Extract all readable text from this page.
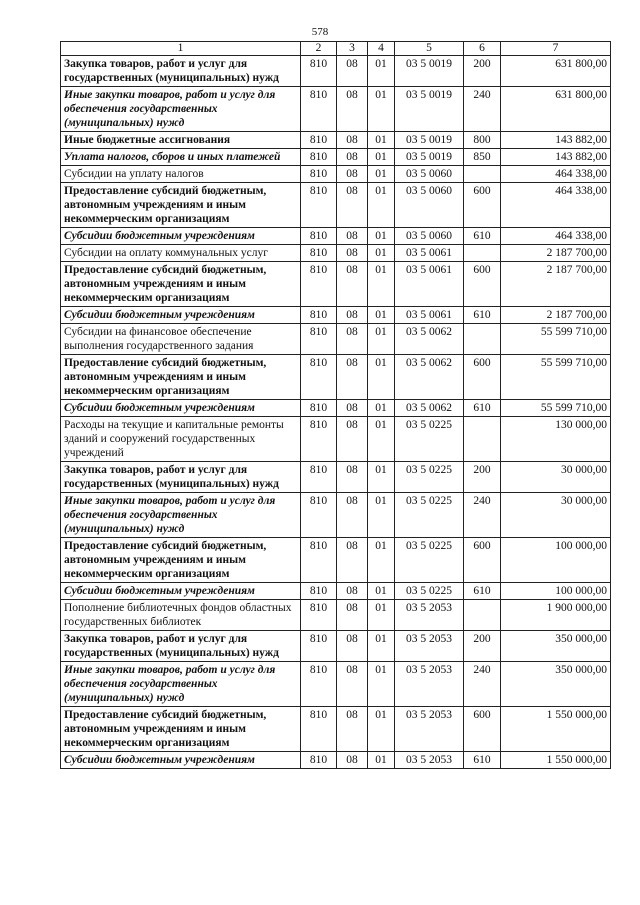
578
1	2	3	4	5	6	7
Закупка товаров, работ и услуг для государственных (муниципальных) нужд	810	08	01	03 5 0019	200	631 800,00
Иные закупки товаров, работ и услуг для обеспечения государственных (муниципальных) нужд	810	08	01	03 5 0019	240	631 800,00
Иные бюджетные ассигнования	810	08	01	03 5 0019	800	143 882,00
Уплата налогов, сборов и иных платежей	810	08	01	03 5 0019	850	143 882,00
Субсидии на уплату налогов	810	08	01	03 5 0060		464 338,00
Предоставление субсидий бюджетным, автономным учреждениям и иным некоммерческим организациям	810	08	01	03 5 0060	600	464 338,00
Субсидии бюджетным учреждениям	810	08	01	03 5 0060	610	464 338,00
Субсидии на оплату коммунальных услуг	810	08	01	03 5 0061		2 187 700,00
Предоставление субсидий бюджетным, автономным учреждениям и иным некоммерческим организациям	810	08	01	03 5 0061	600	2 187 700,00
Субсидии бюджетным учреждениям	810	08	01	03 5 0061	610	2 187 700,00
Субсидии на финансовое обеспечение выполнения государственного задания	810	08	01	03 5 0062		55 599 710,00
Предоставление субсидий бюджетным, автономным учреждениям и иным некоммерческим организациям	810	08	01	03 5 0062	600	55 599 710,00
Субсидии бюджетным учреждениям	810	08	01	03 5 0062	610	55 599 710,00
Расходы на текущие и капитальные ремонты зданий и сооружений государственных учреждений	810	08	01	03 5 0225		130 000,00
Закупка товаров, работ и услуг для государственных (муниципальных) нужд	810	08	01	03 5 0225	200	30 000,00
Иные закупки товаров, работ и услуг для обеспечения государственных (муниципальных) нужд	810	08	01	03 5 0225	240	30 000,00
Предоставление субсидий бюджетным, автономным учреждениям и иным некоммерческим организациям	810	08	01	03 5 0225	600	100 000,00
Субсидии бюджетным учреждениям	810	08	01	03 5 0225	610	100 000,00
Пополнение библиотечных фондов областных государственных библиотек	810	08	01	03 5 2053		1 900 000,00
Закупка товаров, работ и услуг для государственных (муниципальных) нужд	810	08	01	03 5 2053	200	350 000,00
Иные закупки товаров, работ и услуг для обеспечения государственных (муниципальных) нужд	810	08	01	03 5 2053	240	350 000,00
Предоставление субсидий бюджетным, автономным учреждениям и иным некоммерческим организациям	810	08	01	03 5 2053	600	1 550 000,00
Субсидии бюджетным учреждениям	810	08	01	03 5 2053	610	1 550 000,00
